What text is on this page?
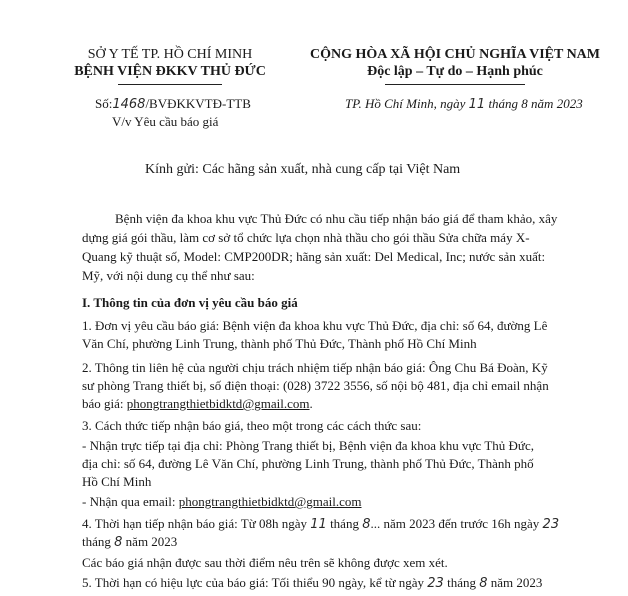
SỞ Y TẾ TP. HỒ CHÍ MINH
BỆNH VIỆN ĐKKV THỦ ĐỨC
CỘNG HÒA XÃ HỘI CHỦ NGHĨA VIỆT NAM
Độc lập – Tự do – Hạnh phúc
Số:1468/BVĐKKVTĐ-TTB
V/v Yêu cầu báo giá
TP. Hồ Chí Minh, ngày 11 tháng 8 năm 2023
Kính gửi: Các hãng sản xuất, nhà cung cấp tại Việt Nam
Bệnh viện đa khoa khu vực Thủ Đức có nhu cầu tiếp nhận báo giá để tham khảo, xây
dựng giá gói thầu, làm cơ sở tổ chức lựa chọn nhà thầu cho gói thầu Sửa chữa máy X-
Quang kỹ thuật số, Model: CMP200DR; hãng sản xuất: Del Medical, Inc; nước sản xuất:
Mỹ, với nội dung cụ thể như sau:
I. Thông tin của đơn vị yêu cầu báo giá
1. Đơn vị yêu cầu báo giá: Bệnh viện đa khoa khu vực Thủ Đức, địa chỉ: số 64, đường Lê
Văn Chí, phường Linh Trung, thành phố Thủ Đức, Thành phố Hồ Chí Minh
2. Thông tin liên hệ của người chịu trách nhiệm tiếp nhận báo giá: Ông Chu Bá Đoàn, Kỹ
sư phòng Trang thiết bị, số điện thoại: (028) 3722 3556, số nội bộ 481, địa chỉ email nhận
báo giá: phongtrangthietbidktd@gmail.com.
3. Cách thức tiếp nhận báo giá, theo một trong các cách thức sau:
- Nhận trực tiếp tại địa chỉ: Phòng Trang thiết bị, Bệnh viện đa khoa khu vực Thủ Đức,
địa chỉ: số 64, đường Lê Văn Chí, phường Linh Trung, thành phố Thủ Đức, Thành phố
Hồ Chí Minh
- Nhận qua email: phongtrangthietbidktd@gmail.com
4. Thời hạn tiếp nhận báo giá: Từ 08h ngày 11 tháng 8... năm 2023 đến trước 16h ngày 23
tháng 8 năm 2023
Các báo giá nhận được sau thời điểm nêu trên sẽ không được xem xét.
5. Thời hạn có hiệu lực của báo giá: Tối thiểu 90 ngày, kể từ ngày 23 tháng 8 năm 2023
